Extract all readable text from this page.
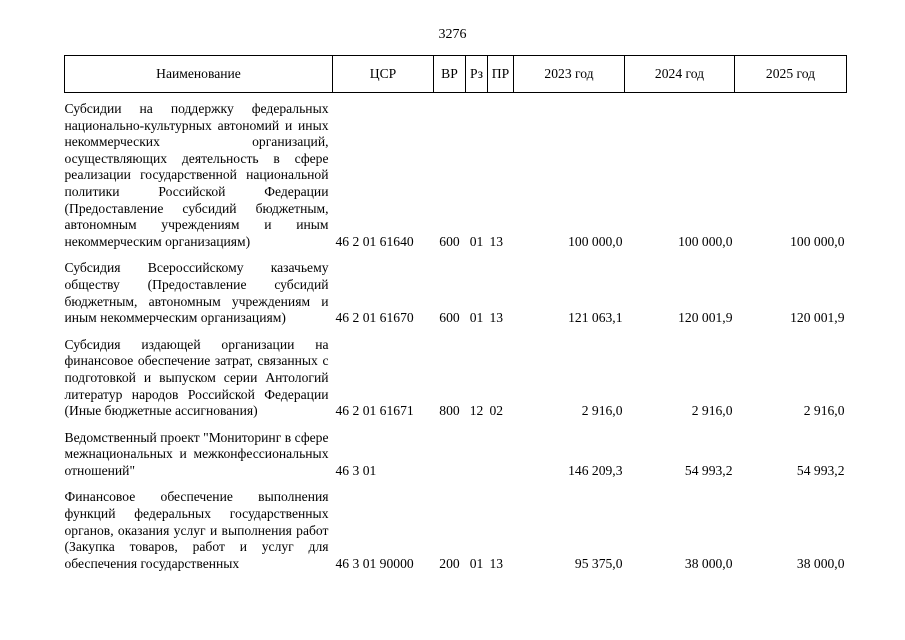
3276
Наименование	ЦСР	ВР	Рз	ПР	2023 год	2024 год	2025 год
Субсидии на поддержку федеральных национально-культурных автономий и иных некоммерческих организаций, осуществляющих деятельность в сфере реализации государственной национальной политики Российской Федерации (Предоставление субсидий бюджетным, автономным учреждениям и иным некоммерческим организациям)	46 2 01 61640	600	01	13	100 000,0	100 000,0	100 000,0
Субсидия Всероссийскому казачьему обществу (Предоставление субсидий бюджетным, автономным учреждениям и иным некоммерческим организациям)	46 2 01 61670	600	01	13	121 063,1	120 001,9	120 001,9
Субсидия издающей организации на финансовое обеспечение затрат, связанных с подготовкой и выпуском серии Антологий литератур народов Российской Федерации (Иные бюджетные ассигнования)	46 2 01 61671	800	12	02	2 916,0	2 916,0	2 916,0
Ведомственный проект "Мониторинг в сфере межнациональных и межконфессиональных отношений"	46 3 01				146 209,3	54 993,2	54 993,2
Финансовое обеспечение выполнения функций федеральных государственных органов, оказания услуг и выполнения работ (Закупка товаров, работ и услуг для обеспечения государственных	46 3 01 90000	200	01	13	95 375,0	38 000,0	38 000,0
